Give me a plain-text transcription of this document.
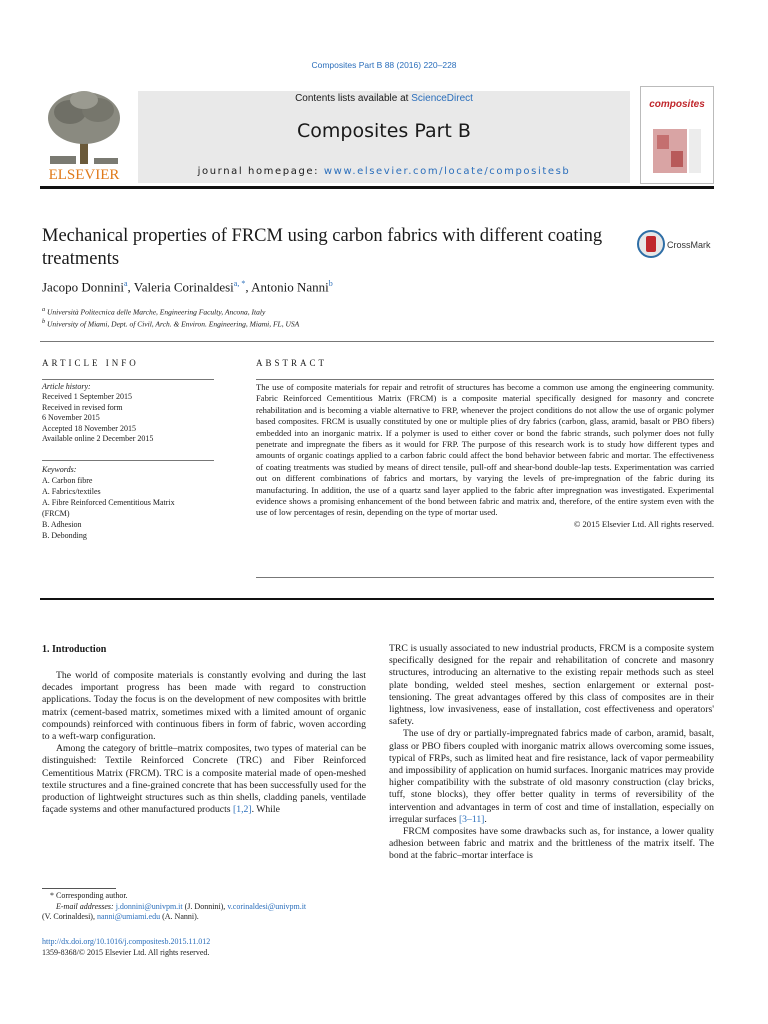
Composites Part B 88 (2016) 220–228
ELSEVIER
Contents lists available at ScienceDirect
Composites Part B
journal homepage: www.elsevier.com/locate/compositesb
composites
Mechanical properties of FRCM using carbon fabrics with different coating treatments
CrossMark
Jacopo Donnini$^a$, Valeria Corinaldesi$^{a, *}$, Antonio Nanni$^b$
$^a$ Università Politecnica delle Marche, Engineering Faculty, Ancona, Italy
$^b$ University of Miami, Dept. of Civil, Arch. & Environ. Engineering, Miami, FL, USA
ARTICLE INFO	ABSTRACT
Article history:
Received 1 September 2015
Received in revised form
6 November 2015
Accepted 18 November 2015
Available online 2 December 2015
Keywords:
A. Carbon fibre
A. Fabrics/textiles
A. Fibre Reinforced Cementitious Matrix
(FRCM)
B. Adhesion
B. Debonding
The use of composite materials for repair and retrofit of structures has become a common use among the engineering community. Fabric Reinforced Cementitious Matrix (FRCM) is a composite material specifically designed for masonry and concrete rehabilitation and is becoming a viable alternative to FRP, whenever the project conditions do not allow the use of organic polymer based composites. FRCM is usually constituted by one or multiple plies of dry fabrics (carbon, glass, aramid, basalt or PBO fibers) embedded into an inorganic matrix. If a polymer is used to either cover or bond the fabric strands, such polymer does not fully penetrate and impregnate the fibers as it would for FRP. The purpose of this research work is to study how different types and amounts of organic coatings applied to a carbon fabric could affect the bond behavior between fabric and mortar. The effectiveness of coating treatments was studied by means of direct tensile, pull-off and shear-bond double-lap tests. Experimentation was carried out on different combinations of fabrics and mortars, by varying the levels of pre-impregnation of the fabric during its manufacturing. In addition, the use of a quartz sand layer applied to the fabric after impregnation was investigated. Experimental evidence shows a promising enhancement of the bond between fabric and matrix and, therefore, of the entire system even with the use of low percentages of resin, depending on the type of mortar used.
© 2015 Elsevier Ltd. All rights reserved.
1. Introduction

The world of composite materials is constantly evolving and during the last decades important progress has been made with regard to construction applications. Today the focus is on the development of new composites with brittle matrix (cement-based matrix, sometimes mixed with a limited amount of organic compounds) reinforced with continuous fibers in form of fabric, woven according to a weft-warp configuration.

Among the category of brittle–matrix composites, two types of material can be distinguished: Textile Reinforced Concrete (TRC) and Fiber Reinforced Cementitious Matrix (FRCM). TRC is a composite material made of open-meshed textile structures and a fine-grained concrete that has been successfully used for the production of lightweight structures such as thin shells, cladding panels, ventilade façade systems and other manufactured products [1,2]. While

TRC is usually associated to new industrial products, FRCM is a composite system specifically designed for the repair and rehabilitation of concrete and masonry structures, introducing an alternative to the existing repair methods such as steel plate bonding, welded steel meshes, section enlargement or external post-tensioning. The great advantages offered by this class of composites are in their lightness, low invasiveness, ease of installation, cost effectiveness and operators' safety.

The use of dry or partially-impregnated fabrics made of carbon, aramid, basalt, glass or PBO fibers coupled with inorganic matrix allows overcoming some issues, typical of FRPs, such as limited heat and fire resistance, lack of vapor permeability and impossibility of application on humid surfaces. Inorganic matrices may provide higher compatibility with the substrate of old masonry construction (clay bricks, tuff, stone blocks), they offer better quality in terms of reversibility of the intervention and advantages in term of cost and time of installation, especially on irregular surfaces [3–11].

FRCM composites have some drawbacks such as, for instance, a lower quality adhesion between fabric and matrix and the brittleness of the matrix itself. The bond at the fabric–mortar interface is

* Corresponding author.

E-mail addresses: j.donnini@univpm.it (J. Donnini), v.corinaldesi@univpm.it
(V. Corinaldesi), nanni@umiami.edu (A. Nanni).

http://dx.doi.org/10.1016/j.compositesb.2015.11.012
1359-8368/© 2015 Elsevier Ltd. All rights reserved.
